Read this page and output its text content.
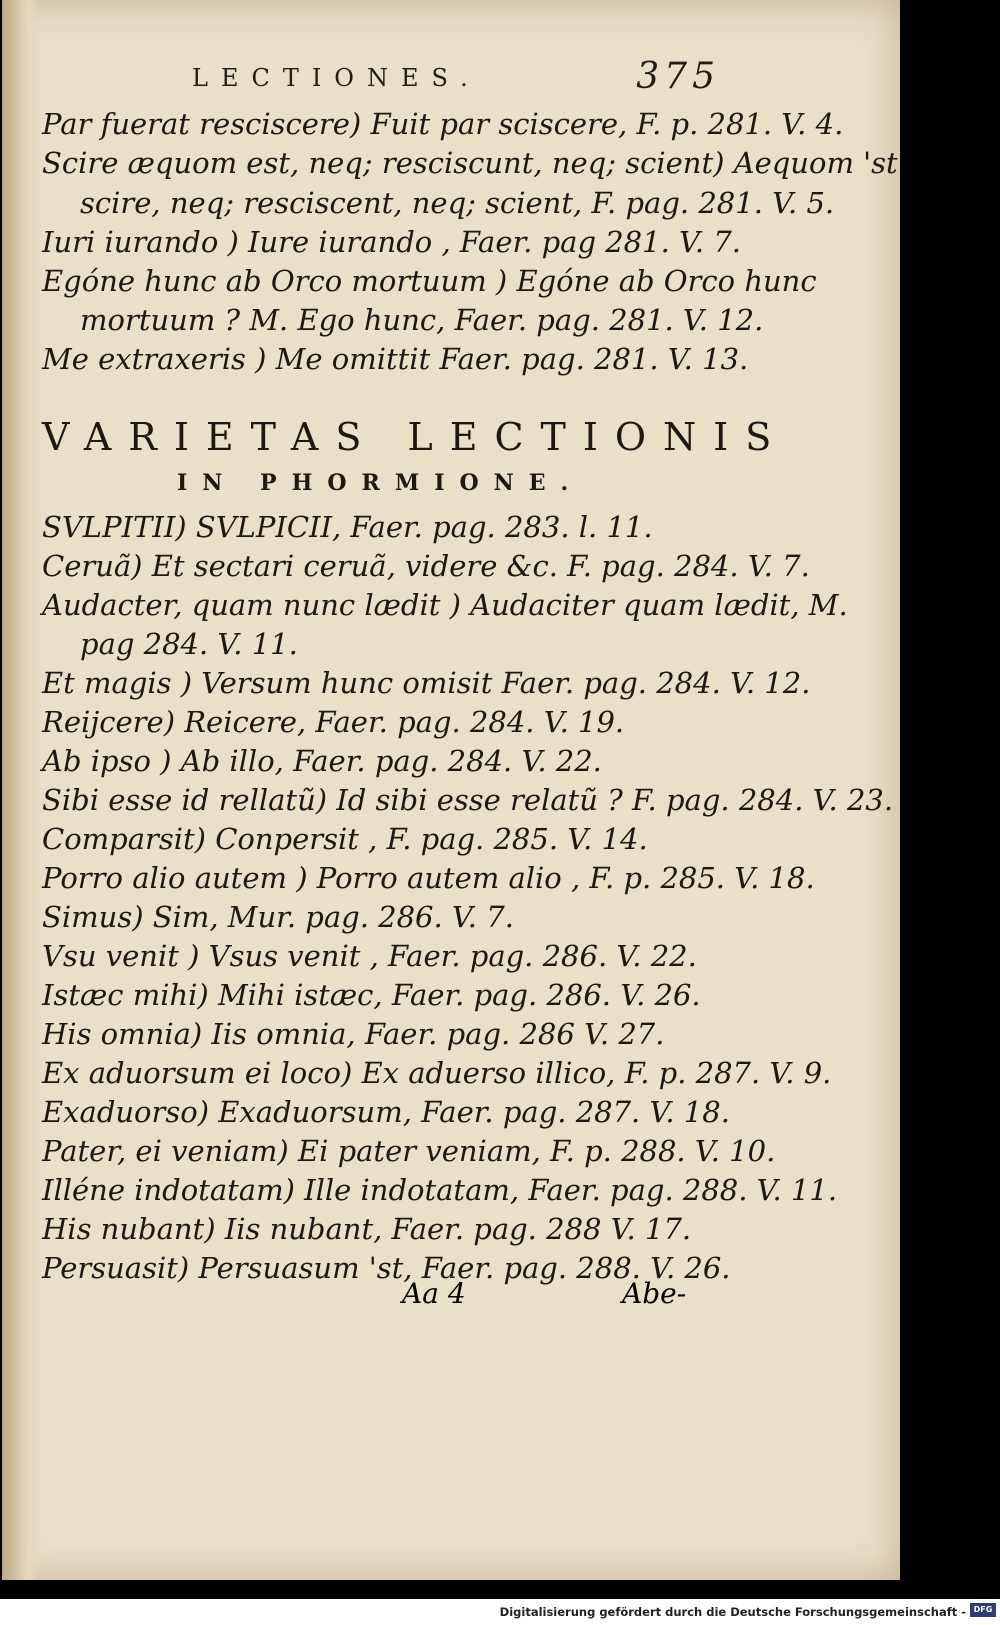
LECTIONES.	375
Par fuerat resciscere) Fuit par sciscere, F. p. 281. V. 4.
Scire æquom est, neq; resciscunt, neq; scient) Aequom 'st
scire, neq; resciscent, neq; scient, F. pag. 281. V. 5.
Iuri iurando ) Iure iurando , Faer. pag 281. V. 7.
Egóne hunc ab Orco mortuum ) Egóne ab Orco hunc
mortuum ? M. Ego hunc, Faer. pag. 281. V. 12.
Me extraxeris ) Me omittit Faer. pag. 281. V. 13.
VARIETAS LECTIONIS
IN PHORMIONE.
SVLPITII) SVLPICII, Faer. pag. 283. l. 11.
Ceruã) Et sectari ceruã, videre &c. F. pag. 284. V. 7.
Audacter, quam nunc lædit ) Audaciter quam lædit, M.
pag 284. V. 11.
Et magis ) Versum hunc omisit Faer. pag. 284. V. 12.
Reijcere) Reicere, Faer. pag. 284. V. 19.
Ab ipso ) Ab illo, Faer. pag. 284. V. 22.
Sibi esse id rellatũ) Id sibi esse relatũ ? F. pag. 284. V. 23.
Comparsit) Conpersit , F. pag. 285. V. 14.
Porro alio autem ) Porro autem alio , F. p. 285. V. 18.
Simus) Sim, Mur. pag. 286. V. 7.
Vsu venit ) Vsus venit , Faer. pag. 286. V. 22.
Istæc mihi) Mihi istæc, Faer. pag. 286. V. 26.
His omnia) Iis omnia, Faer. pag. 286 V. 27.
Ex aduorsum ei loco) Ex aduerso illico, F. p. 287. V. 9.
Exaduorso) Exaduorsum, Faer. pag. 287. V. 18.
Pater, ei veniam) Ei pater veniam, F. p. 288. V. 10.
Illéne indotatam) Ille indotatam, Faer. pag. 288. V. 11.
His nubant) Iis nubant, Faer. pag. 288 V. 17.
Persuasit) Persuasum 'st, Faer. pag. 288. V. 26.
Aa 4	Abe-
Digitalisierung gefördert durch die Deutsche Forschungsgemeinschaft - DFG
